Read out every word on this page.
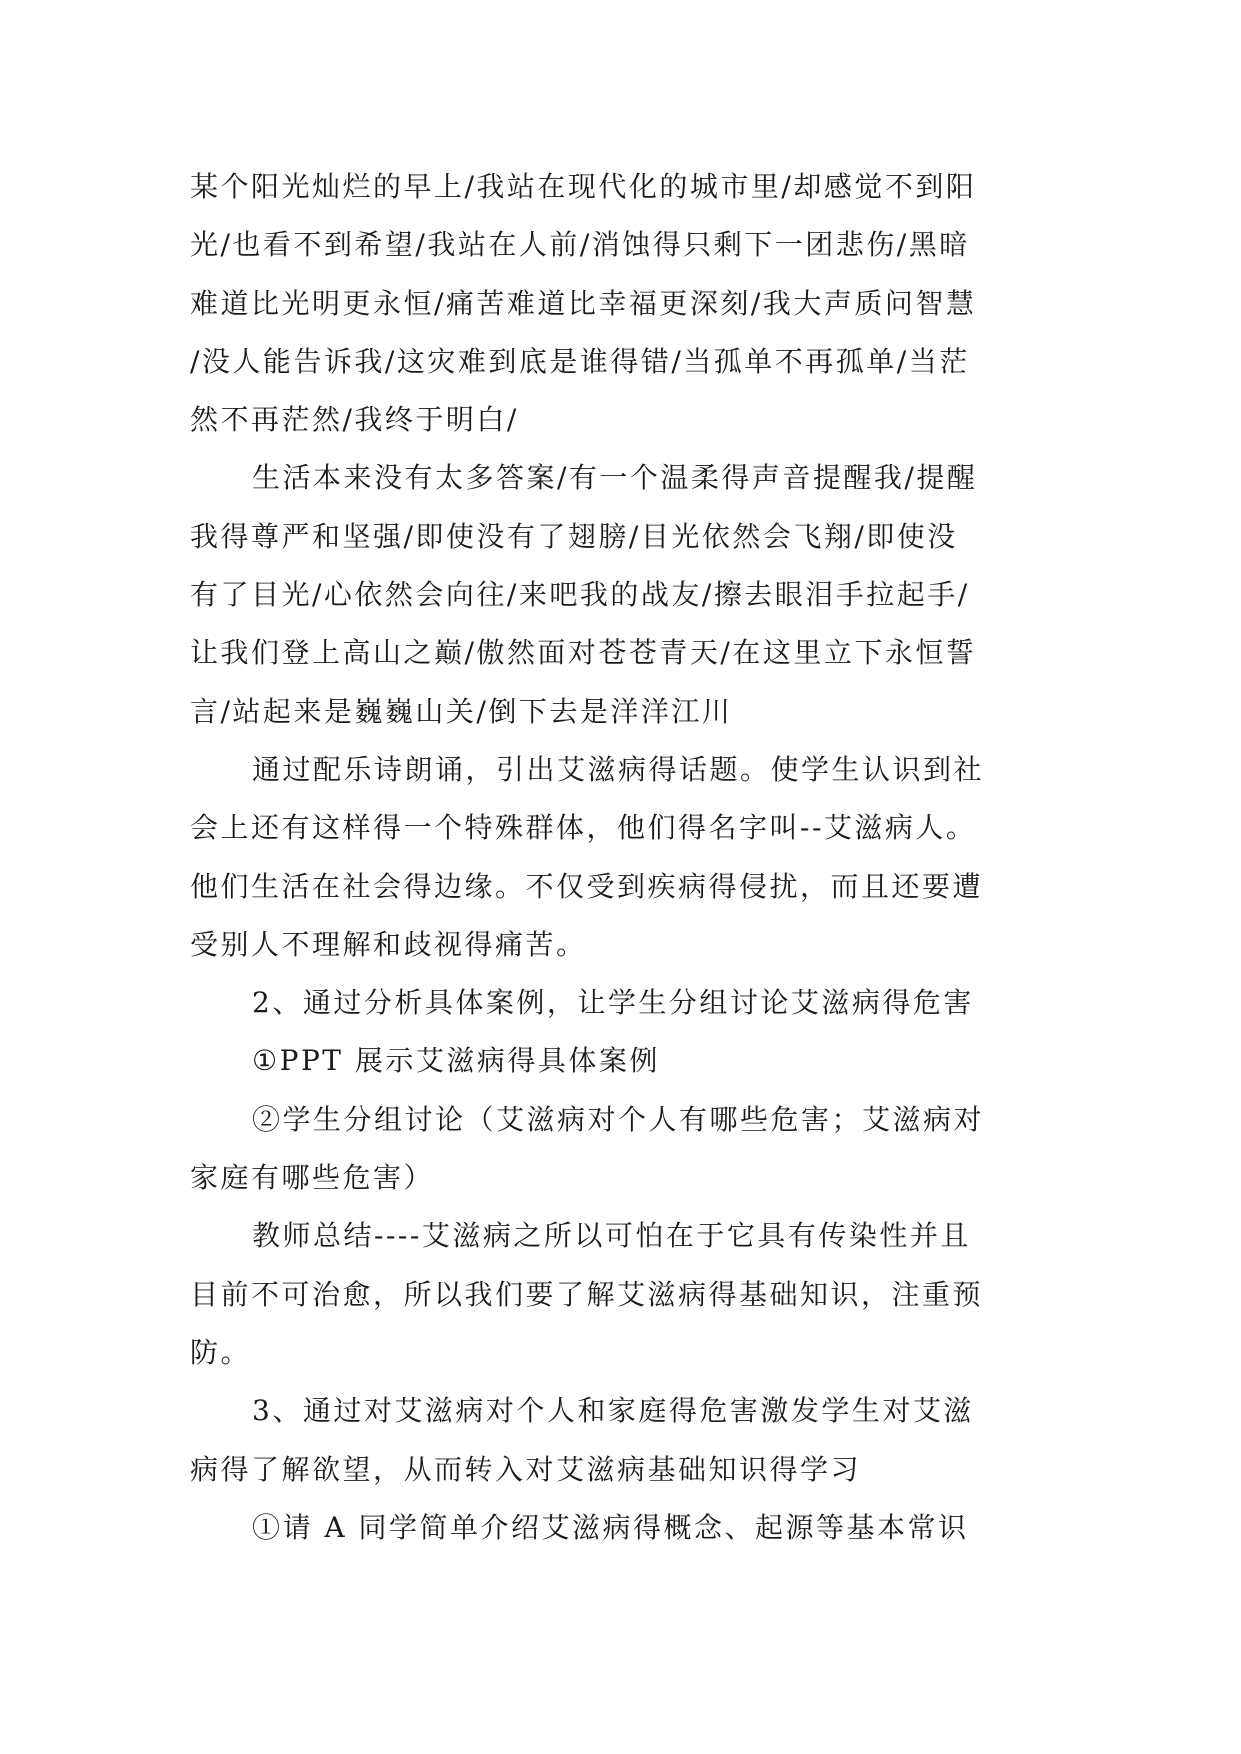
某个阳光灿烂的早上/我站在现代化的城市里/却感觉不到阳
光/也看不到希望/我站在人前/消蚀得只剩下一团悲伤/黑暗
难道比光明更永恒/痛苦难道比幸福更深刻/我大声质问智慧
/没人能告诉我/这灾难到底是谁得错/当孤单不再孤单/当茫
然不再茫然/我终于明白/

生活本来没有太多答案/有一个温柔得声音提醒我/提醒
我得尊严和坚强/即使没有了翅膀/目光依然会飞翔/即使没
有了目光/心依然会向往/来吧我的战友/擦去眼泪手拉起手/
让我们登上高山之巅/傲然面对苍苍青天/在这里立下永恒誓
言/站起来是巍巍山关/倒下去是洋洋江川

通过配乐诗朗诵，引出艾滋病得话题。使学生认识到社
会上还有这样得一个特殊群体，他们得名字叫--艾滋病人。
他们生活在社会得边缘。不仅受到疾病得侵扰，而且还要遭
受别人不理解和歧视得痛苦。

2、通过分析具体案例，让学生分组讨论艾滋病得危害

①PPT 展示艾滋病得具体案例

②学生分组讨论（艾滋病对个人有哪些危害；艾滋病对
家庭有哪些危害）

教师总结----艾滋病之所以可怕在于它具有传染性并且
目前不可治愈，所以我们要了解艾滋病得基础知识，注重预
防。

3、通过对艾滋病对个人和家庭得危害激发学生对艾滋
病得了解欲望，从而转入对艾滋病基础知识得学习

①请 A 同学简单介绍艾滋病得概念、起源等基本常识
